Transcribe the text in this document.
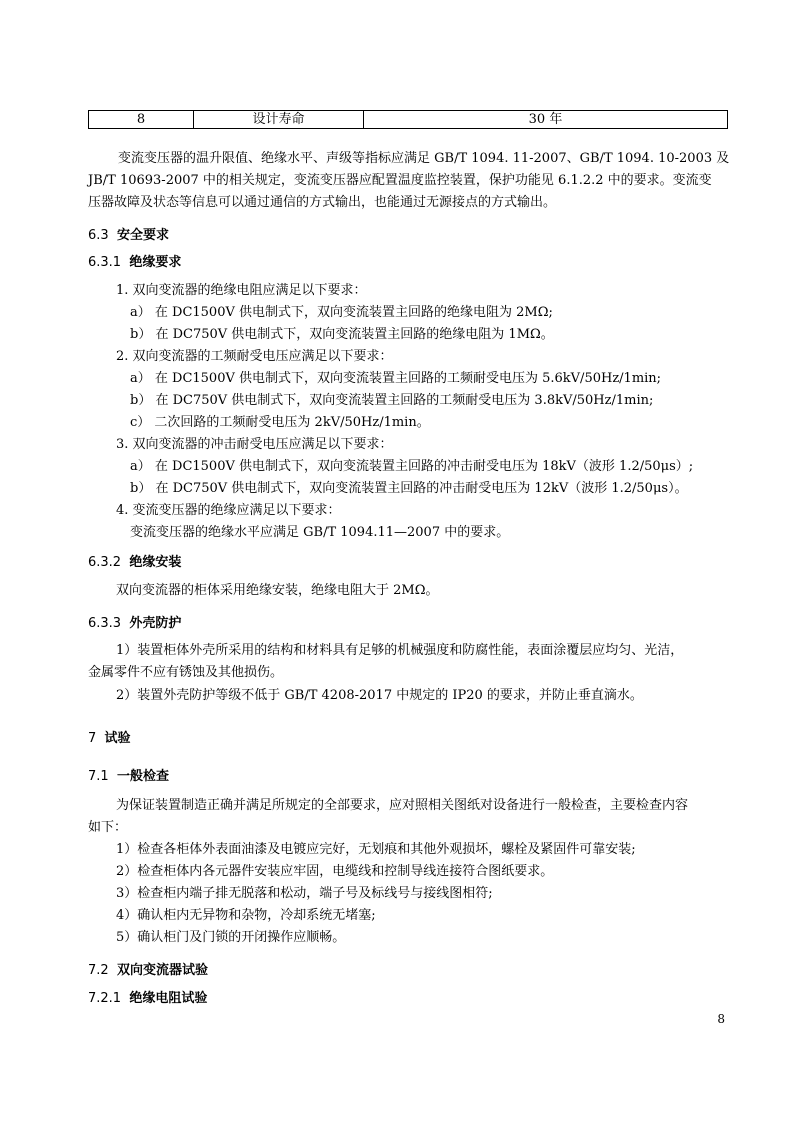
8	设计寿命	30 年

变流变压器的温升限值、绝缘水平、声级等指标应满足 GB/T 1094. 11-2007、GB/T 1094. 10-2003 及

JB/T 10693-2007 中的相关规定，变流变压器应配置温度监控装置，保护功能见 6.1.2.2 中的要求。变流变

压器故障及状态等信息可以通过通信的方式输出，也能通过无源接点的方式输出。

6.3 安全要求
6.3.1 绝缘要求

1. 双向变流器的绝缘电阻应满足以下要求：

a） 在 DC1500V 供电制式下，双向变流装置主回路的绝缘电阻为 2MΩ;

b） 在 DC750V 供电制式下，双向变流装置主回路的绝缘电阻为 1MΩ。

2. 双向变流器的工频耐受电压应满足以下要求：

a） 在 DC1500V 供电制式下，双向变流装置主回路的工频耐受电压为 5.6kV/50Hz/1min;

b） 在 DC750V 供电制式下，双向变流装置主回路的工频耐受电压为 3.8kV/50Hz/1min;

c） 二次回路的工频耐受电压为 2kV/50Hz/1min。

3. 双向变流器的冲击耐受电压应满足以下要求：

a） 在 DC1500V 供电制式下，双向变流装置主回路的冲击耐受电压为 18kV（波形 1.2/50μs）;

b） 在 DC750V 供电制式下，双向变流装置主回路的冲击耐受电压为 12kV（波形 1.2/50μs）。

4. 变流变压器的绝缘应满足以下要求：

变流变压器的绝缘水平应满足 GB/T 1094.11—2007 中的要求。

6.3.2 绝缘安装

双向变流器的柜体采用绝缘安装，绝缘电阻大于 2MΩ。

6.3.3 外壳防护

1）装置柜体外壳所采用的结构和材料具有足够的机械强度和防腐性能，表面涂覆层应均匀、光洁，

金属零件不应有锈蚀及其他损伤。

2）装置外壳防护等级不低于 GB/T 4208-2017 中规定的 IP20 的要求，并防止垂直滴水。

7 试验
7.1 一般检查

为保证装置制造正确并满足所规定的全部要求，应对照相关图纸对设备进行一般检查，主要检查内容

如下：

1）检查各柜体外表面油漆及电镀应完好，无划痕和其他外观损坏，螺栓及紧固件可靠安装;

2）检查柜体内各元器件安装应牢固，电缆线和控制导线连接符合图纸要求。

3）检查柜内端子排无脱落和松动，端子号及标线号与接线图相符;

4）确认柜内无异物和杂物，冷却系统无堵塞;

5）确认柜门及门锁的开闭操作应顺畅。

7.2 双向变流器试验
7.2.1 绝缘电阻试验
8
